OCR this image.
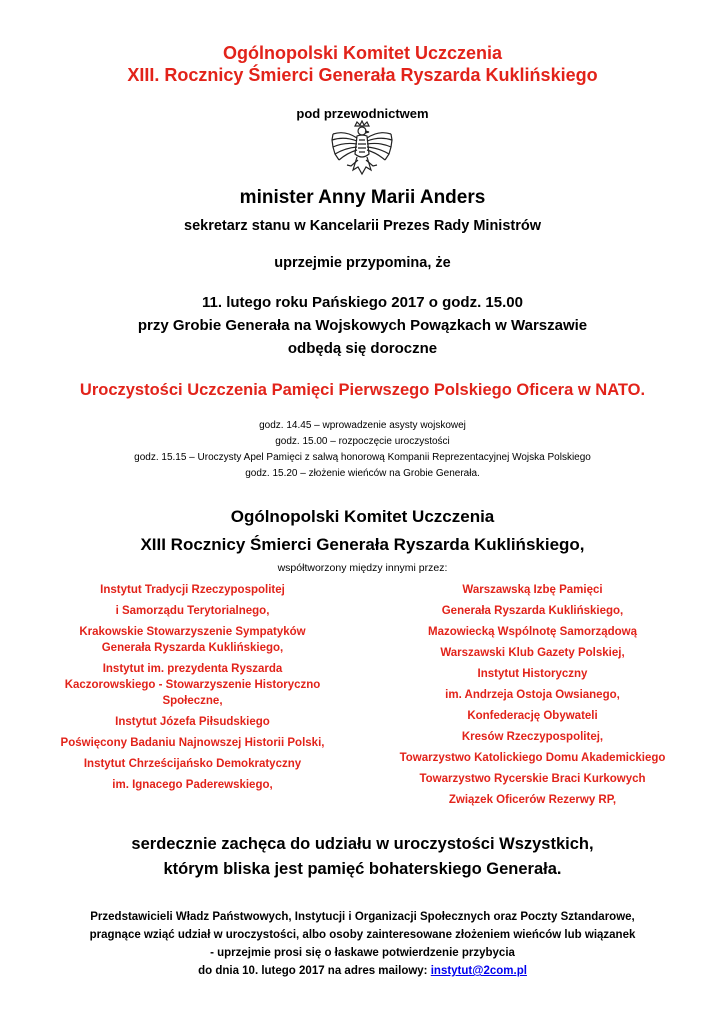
Ogólnopolski Komitet Uczczenia
XIII. Rocznicy Śmierci Generała Ryszarda Kuklińskiego
pod przewodnictwem
minister Anny Marii Anders
sekretarz stanu w Kancelarii Prezes Rady Ministrów
uprzejmie przypomina, że
11. lutego roku Pańskiego 2017 o godz. 15.00
przy Grobie Generała na Wojskowych Powązkach w Warszawie
odbędą się doroczne
Uroczystości Uczczenia Pamięci Pierwszego Polskiego Oficera w NATO.
godz. 14.45 – wprowadzenie asysty wojskowej
godz. 15.00 – rozpoczęcie uroczystości
godz. 15.15 – Uroczysty Apel Pamięci z salwą honorową Kompanii Reprezentacyjnej Wojska Polskiego
godz. 15.20 – złożenie wieńców na Grobie Generała.
Ogólnopolski Komitet Uczczenia
XIII Rocznicy Śmierci Generała Ryszarda Kuklińskiego,
współtworzony między innymi przez:
Instytut Tradycji Rzeczypospolitej
i Samorządu Terytorialnego,
Krakowskie Stowarzyszenie Sympatyków
Generała Ryszarda Kuklińskiego,
Instytut im. prezydenta Ryszarda
Kaczorowskiego - Stowarzyszenie Historyczno
Społeczne,
Instytut Józefa Piłsudskiego
Poświęcony Badaniu Najnowszej Historii Polski,
Instytut Chrześcijańsko Demokratyczny
im. Ignacego Paderewskiego,
Warszawską Izbę Pamięci
Generała Ryszarda Kuklińskiego,
Mazowiecką Wspólnotę Samorządową
Warszawski Klub Gazety Polskiej,
Instytut Historyczny
im. Andrzeja Ostoja Owsianego,
Konfederację Obywateli
Kresów Rzeczypospolitej,
Towarzystwo Katolickiego Domu Akademickiego
Towarzystwo Rycerskie Braci Kurkowych
Związek Oficerów Rezerwy RP,
serdecznie zachęca do udziału w uroczystości Wszystkich,
którym bliska jest pamięć bohaterskiego Generała.
Przedstawicieli Władz Państwowych, Instytucji i Organizacji Społecznych oraz Poczty Sztandarowe,
pragnące wziąć udział w uroczystości, albo osoby zainteresowane złożeniem wieńców lub wiązanek
- uprzejmie prosi się o łaskawe potwierdzenie przybycia
do dnia 10. lutego 2017 na adres mailowy: instytut@2com.pl
